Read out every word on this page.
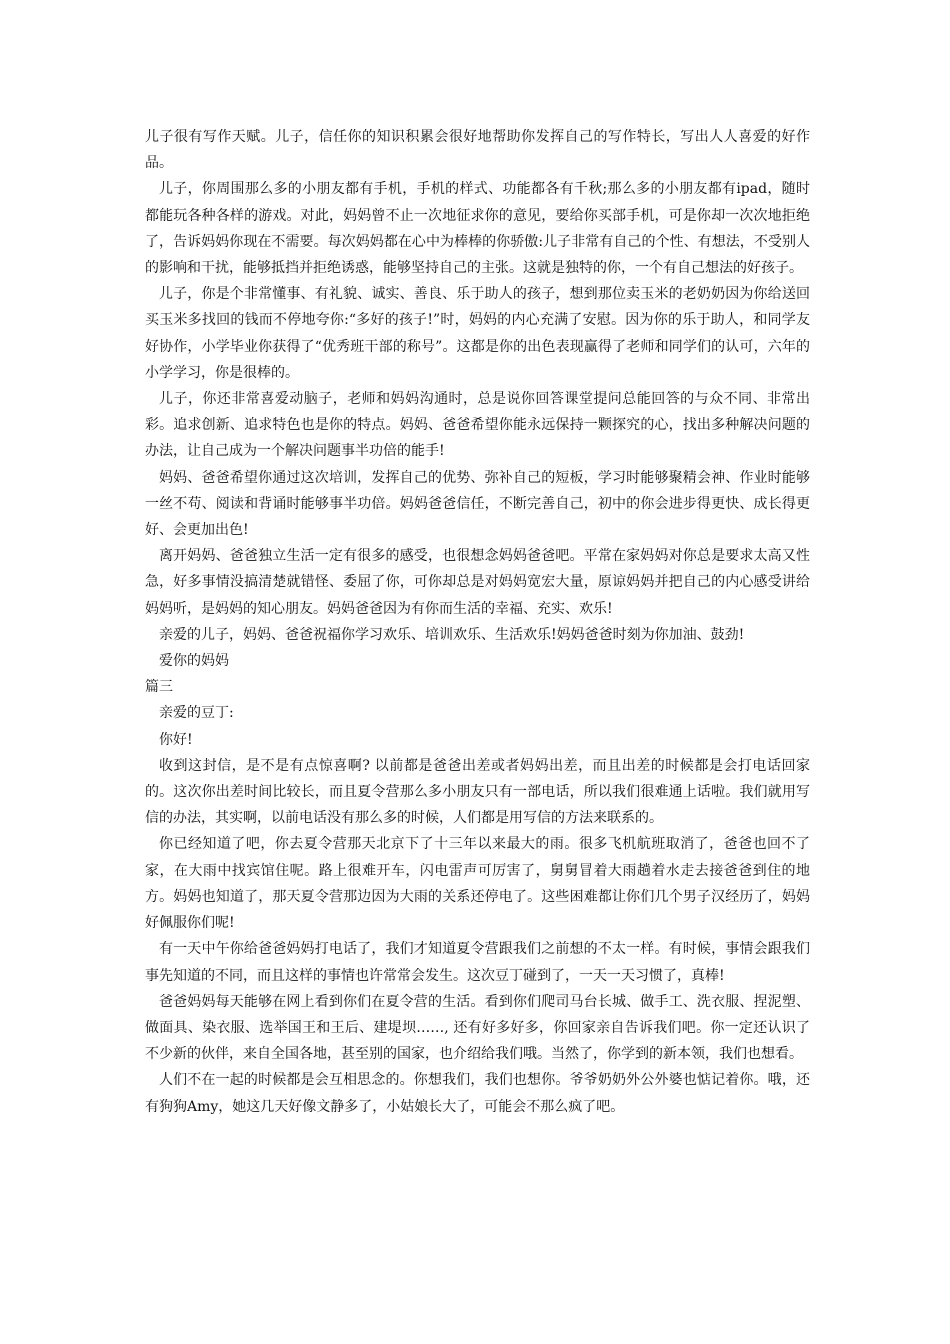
儿子很有写作天赋。儿子，信任你的知识积累会很好地帮助你发挥自己的写作特长，写出人人喜爱的好作品。

儿子，你周围那么多的小朋友都有手机，手机的样式、功能都各有千秋;那么多的小朋友都有ipad，随时都能玩各种各样的游戏。对此，妈妈曾不止一次地征求你的意见，要给你买部手机，可是你却一次次地拒绝了，告诉妈妈你现在不需要。每次妈妈都在心中为棒棒的你骄傲:儿子非常有自己的个性、有想法，不受别人的影响和干扰，能够抵挡并拒绝诱惑，能够坚持自己的主张。这就是独特的你，一个有自己想法的好孩子。

儿子，你是个非常懂事、有礼貌、诚实、善良、乐于助人的孩子，想到那位卖玉米的老奶奶因为你给送回买玉米多找回的钱而不停地夸你:“多好的孩子!”时，妈妈的内心充满了安慰。因为你的乐于助人，和同学友好协作，小学毕业你获得了“优秀班干部的称号”。这都是你的出色表现赢得了老师和同学们的认可，六年的小学学习，你是很棒的。

儿子，你还非常喜爱动脑子，老师和妈妈沟通时，总是说你回答课堂提问总能回答的与众不同、非常出彩。追求创新、追求特色也是你的特点。妈妈、爸爸希望你能永远保持一颗探究的心，找出多种解决问题的办法，让自己成为一个解决问题事半功倍的能手!

妈妈、爸爸希望你通过这次培训，发挥自己的优势、弥补自己的短板，学习时能够聚精会神、作业时能够一丝不苟、阅读和背诵时能够事半功倍。妈妈爸爸信任，不断完善自己，初中的你会进步得更快、成长得更好、会更加出色!

离开妈妈、爸爸独立生活一定有很多的感受，也很想念妈妈爸爸吧。平常在家妈妈对你总是要求太高又性急，好多事情没搞清楚就错怪、委屈了你，可你却总是对妈妈宽宏大量，原谅妈妈并把自己的内心感受讲给妈妈听，是妈妈的知心朋友。妈妈爸爸因为有你而生活的幸福、充实、欢乐!

亲爱的儿子，妈妈、爸爸祝福你学习欢乐、培训欢乐、生活欢乐!妈妈爸爸时刻为你加油、鼓劲!

爱你的妈妈

篇三

亲爱的豆丁:

你好!

收到这封信，是不是有点惊喜啊? 以前都是爸爸出差或者妈妈出差，而且出差的时候都是会打电话回家的。这次你出差时间比较长，而且夏令营那么多小朋友只有一部电话，所以我们很难通上话啦。我们就用写信的办法，其实啊，以前电话没有那么多的时候，人们都是用写信的方法来联系的。

你已经知道了吧，你去夏令营那天北京下了十三年以来最大的雨。很多飞机航班取消了，爸爸也回不了家，在大雨中找宾馆住呢。路上很难开车，闪电雷声可厉害了，舅舅冒着大雨趟着水走去接爸爸到住的地方。妈妈也知道了，那天夏令营那边因为大雨的关系还停电了。这些困难都让你们几个男子汉经历了，妈妈好佩服你们呢!

有一天中午你给爸爸妈妈打电话了，我们才知道夏令营跟我们之前想的不太一样。有时候，事情会跟我们事先知道的不同，而且这样的事情也许常常会发生。这次豆丁碰到了，一天一天习惯了，真棒!

爸爸妈妈每天能够在网上看到你们在夏令营的生活。看到你们爬司马台长城、做手工、洗衣服、捏泥塑、做面具、染衣服、选举国王和王后、建堤坝……, 还有好多好多，你回家亲自告诉我们吧。你一定还认识了不少新的伙伴，来自全国各地，甚至别的国家，也介绍给我们哦。当然了，你学到的新本领，我们也想看。

人们不在一起的时候都是会互相思念的。你想我们，我们也想你。爷爷奶奶外公外婆也惦记着你。哦，还有狗狗Amy，她这几天好像文静多了，小姑娘长大了，可能会不那么疯了吧。
